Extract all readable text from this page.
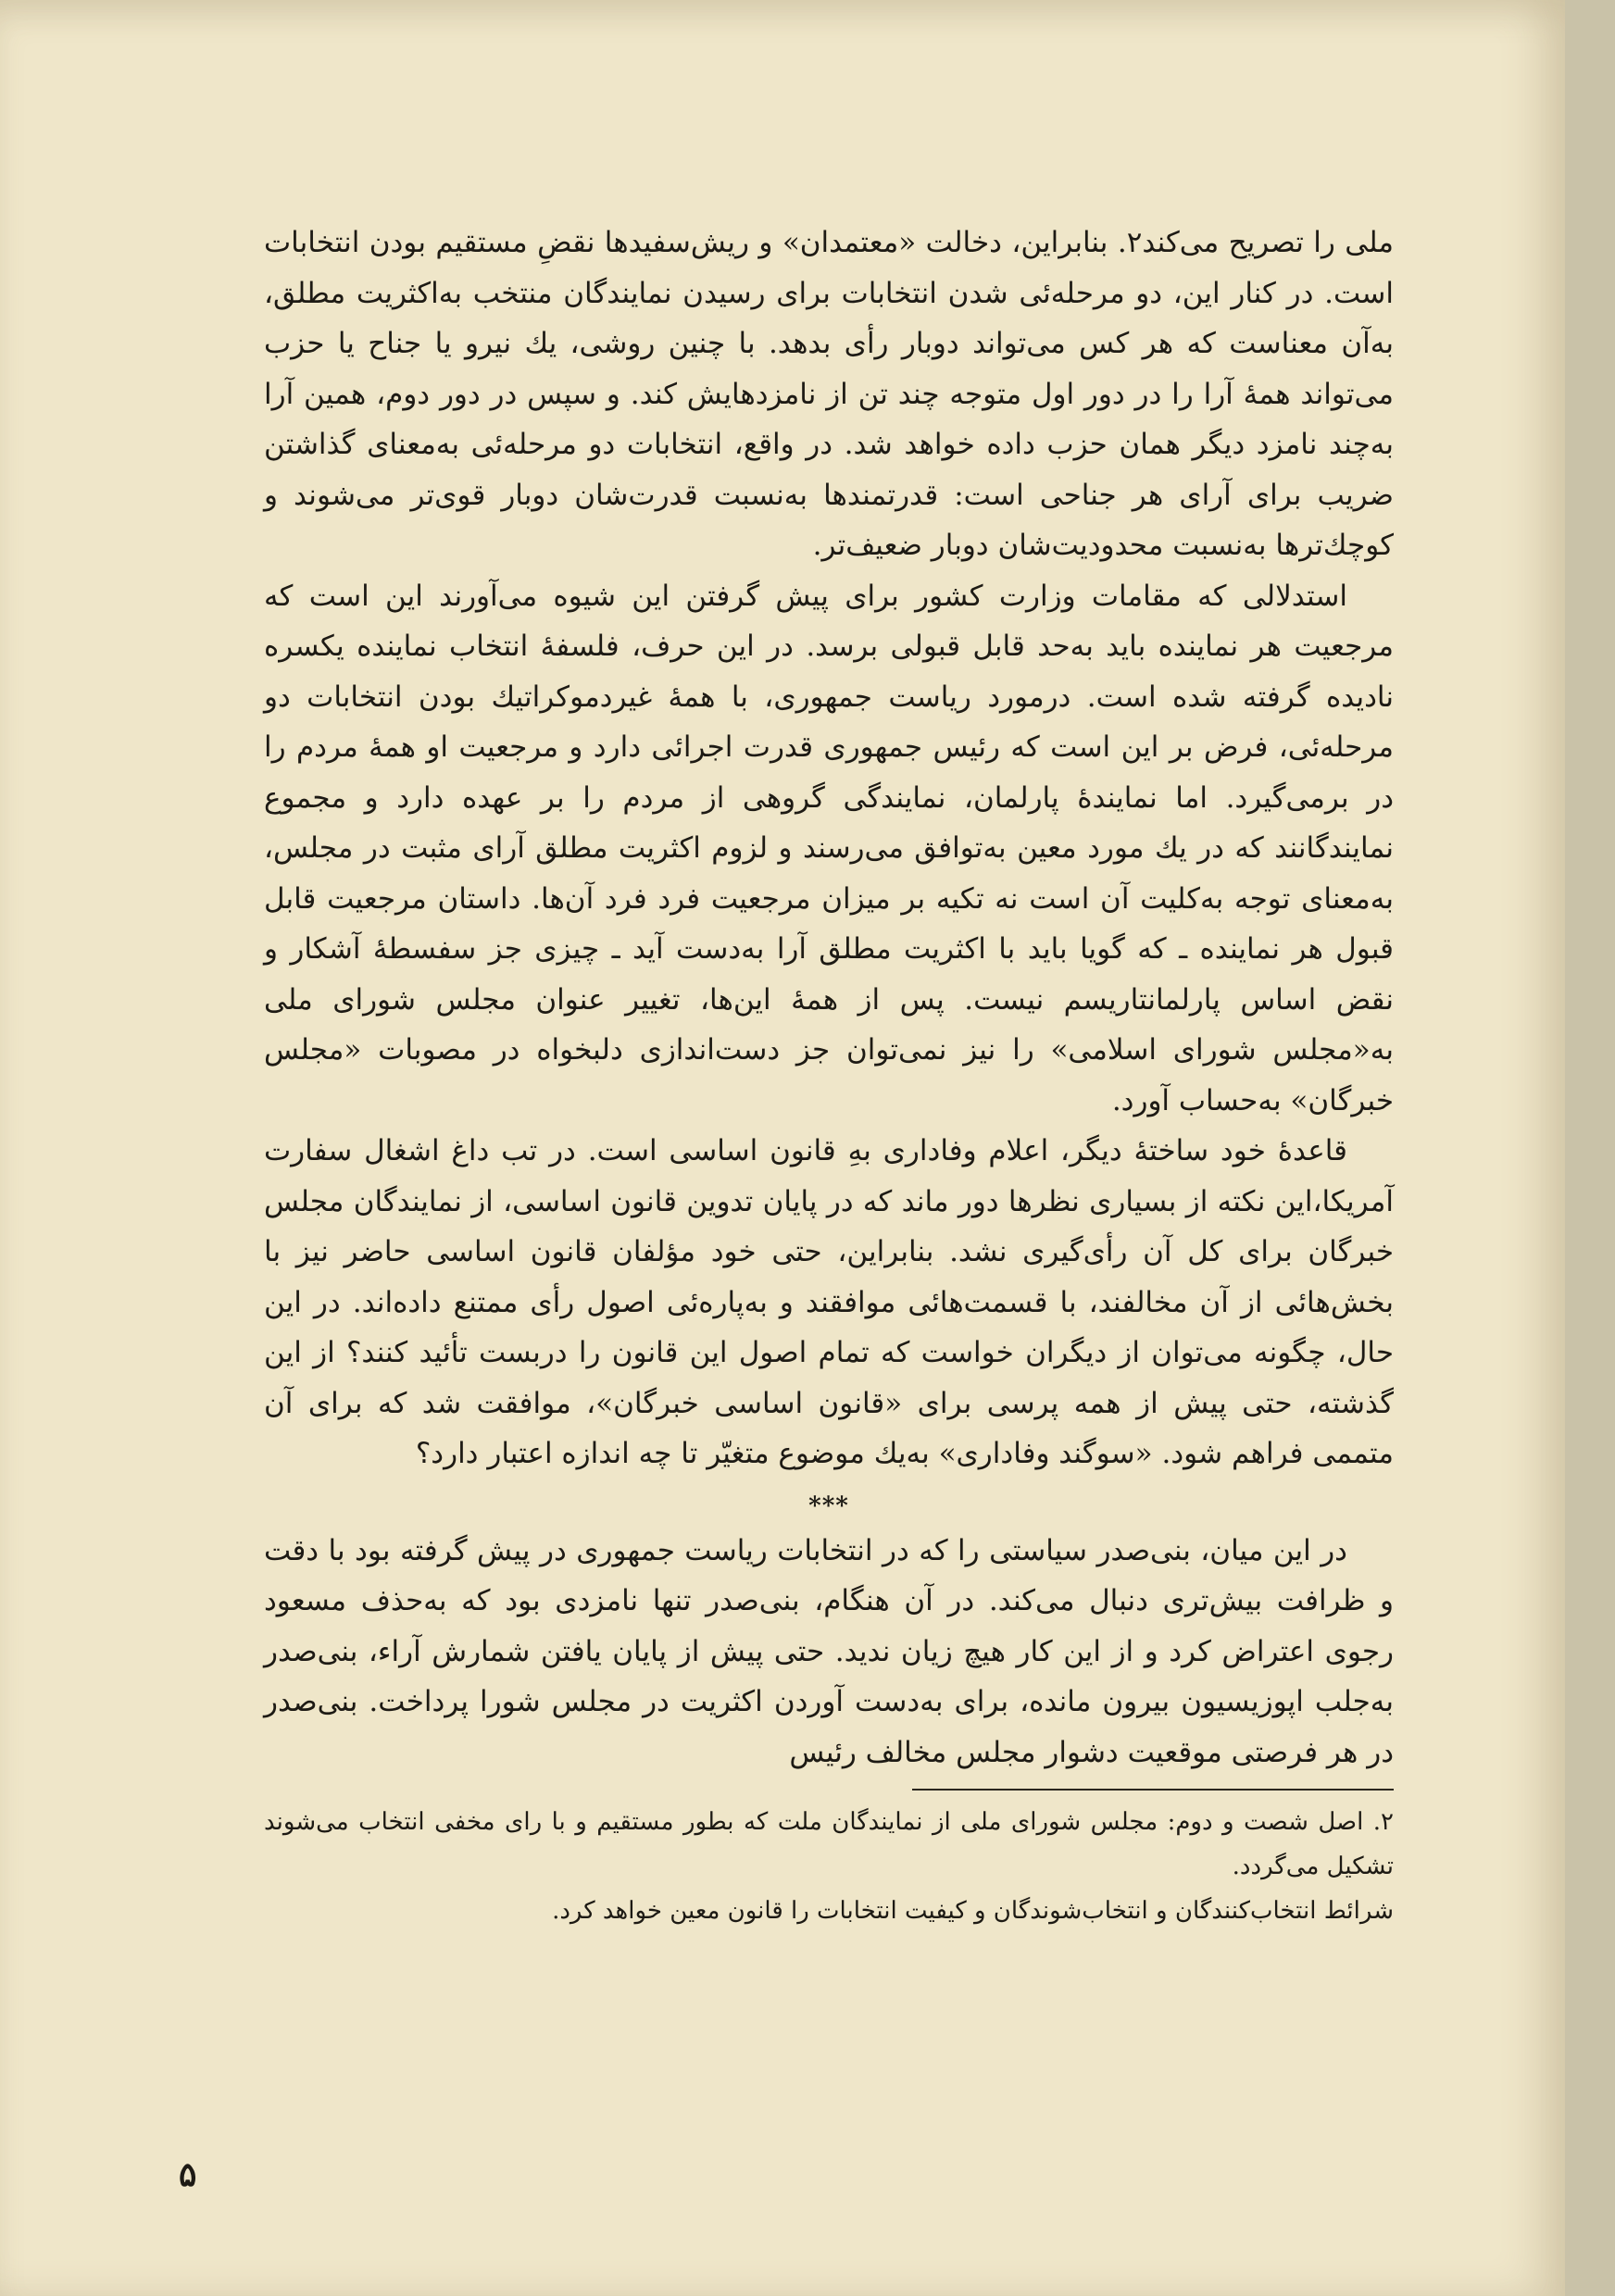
ملی را تصریح می‌کند۲. بنابراین، دخالت «معتمدان» و ریش‌سفیدها نقضِ مستقیم بودن انتخابات است. در کنار این، دو مرحله‌ئی شدن انتخابات برای رسیدن نمایندگان منتخب به‌اکثریت مطلق، به‌آن معناست که هر کس می‌تواند دوبار رأی بدهد. با چنین روشی، یك نیرو یا جناح یا حزب می‌تواند همهٔ آرا را در دور اول متوجه چند تن از نامزدهایش کند. و سپس در دور دوم، همین آرا به‌چند نامزد دیگر همان حزب داده خواهد شد. در واقع، انتخابات دو مرحله‌ئی به‌معنای گذاشتن ضریب برای آرای هر جناحی است: قدرتمندها به‌نسبت قدرت‌شان دوبار قوی‌تر می‌شوند و کوچك‌ترها به‌نسبت محدودیت‌شان دوبار ضعیف‌تر.

استدلالی که مقامات وزارت کشور برای پیش گرفتن این شیوه می‌آورند این است که مرجعیت هر نماینده باید به‌حد قابل قبولی برسد. در این حرف، فلسفهٔ انتخاب نماینده یکسره نادیده گرفته شده است. درمورد ریاست جمهوری، با همهٔ غیردموکراتیك بودن انتخابات دو مرحله‌ئی، فرض بر این است که رئیس جمهوری قدرت اجرائی دارد و مرجعیت او همهٔ مردم را در برمی‌گیرد. اما نمایندهٔ پارلمان، نمایندگی گروهی از مردم را بر عهده دارد و مجموع نمایندگانند که در یك مورد معین به‌توافق می‌رسند و لزوم اکثریت مطلق آرای مثبت در مجلس، به‌معنای توجه به‌کلیت آن است نه تکیه بر میزان مرجعیت فرد فرد آن‌ها. داستان مرجعیت قابل قبول هر نماینده ـ که گویا باید با اکثریت مطلق آرا به‌دست آید ـ چیزی جز سفسطهٔ آشکار و نقض اساس پارلمانتاریسم نیست. پس از همهٔ این‌ها، تغییر عنوان مجلس شورای ملی به«مجلس شورای اسلامی» را نیز نمی‌توان جز دست‌اندازی دلبخواه در مصوبات «مجلس خبرگان» به‌حساب آورد.

قاعدهٔ خود ساختهٔ دیگر، اعلام وفاداری بهِ قانون اساسی است. در تب داغ اشغال سفارت آمریکا،این نکته از بسیاری نظرها دور ماند که در پایان تدوین قانون اساسی، از نمایندگان مجلس خبرگان برای کل آن رأی‌گیری نشد. بنابراین، حتی خود مؤلفان قانون اساسی حاضر نیز با بخش‌هائی از آن مخالفند، با قسمت‌هائی موافقند و به‌پاره‌ئی اصول رأی ممتنع داده‌اند. در این حال، چگونه می‌توان از دیگران خواست که تمام اصول این قانون را دربست تأئید کنند؟ از این گذشته، حتی پیش از همه پرسی برای «قانون اساسی خبرگان»، موافقت شد که برای آن متممی فراهم شود. «سوگند وفاداری» به‌یك موضوع متغیّر تا چه اندازه اعتبار دارد؟

***

در این میان، بنی‌صدر سیاستی را که در انتخابات ریاست جمهوری در پیش گرفته بود با دقت و ظرافت بیش‌تری دنبال می‌کند. در آن هنگام، بنی‌صدر تنها نامزدی بود که به‌حذف مسعود رجوی اعتراض کرد و از این کار هیچ زیان ندید. حتی پیش از پایان یافتن شمارش آراء، بنی‌صدر به‌جلب اپوزیسیون بیرون مانده، برای به‌دست آوردن اکثریت در مجلس شورا پرداخت. بنی‌صدر در هر فرصتی موقعیت دشوار مجلس مخالف رئیس

۲. اصل شصت و دوم: مجلس شورای ملی از نمایندگان ملت که بطور مستقیم و با رای مخفی انتخاب می‌شوند تشکیل می‌گردد.
شرائط انتخاب‌کنندگان و انتخاب‌شوندگان و کیفیت انتخابات را قانون معین خواهد کرد.

۵
